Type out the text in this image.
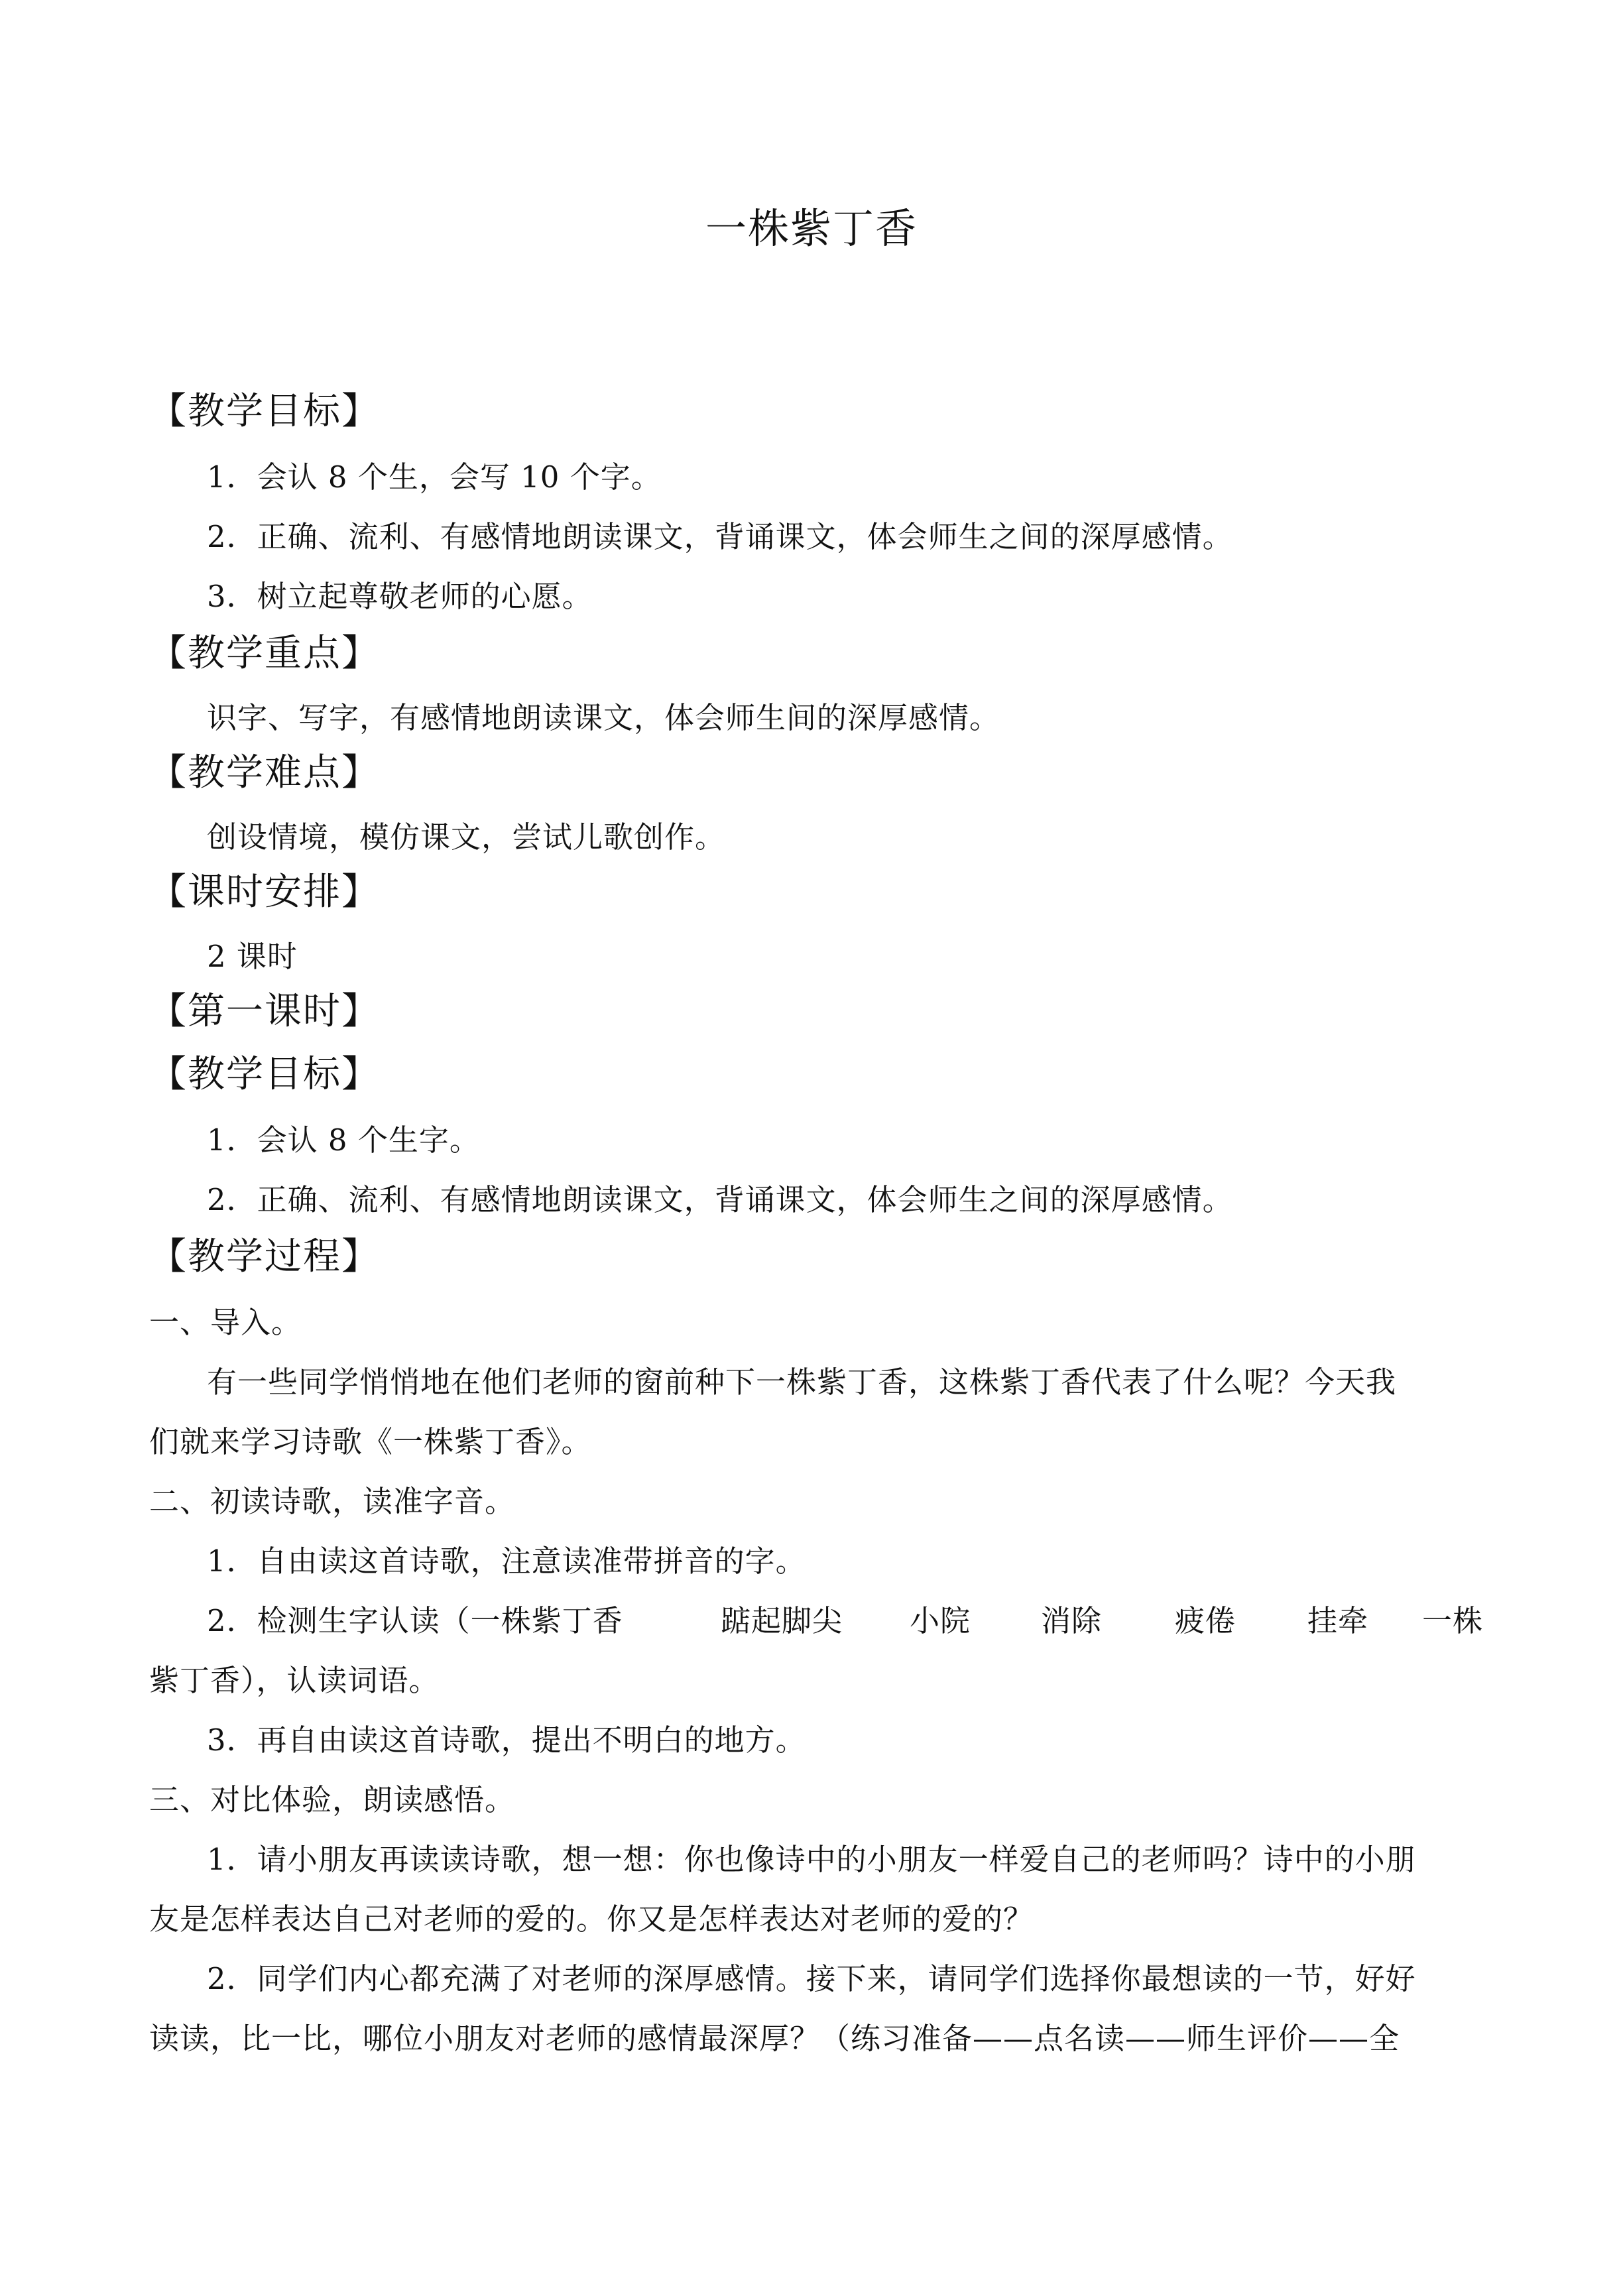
一株紫丁香
【教学目标】
1．会认 8 个生，会写 10 个字。
2．正确、流利、有感情地朗读课文，背诵课文，体会师生之间的深厚感情。
3．树立起尊敬老师的心愿。
【教学重点】
识字、写字，有感情地朗读课文，体会师生间的深厚感情。
【教学难点】
创设情境，模仿课文，尝试儿歌创作。
【课时安排】
2 课时
【第一课时】
【教学目标】
1．会认 8 个生字。
2．正确、流利、有感情地朗读课文，背诵课文，体会师生之间的深厚感情。
【教学过程】
一、导入。
有一些同学悄悄地在他们老师的窗前种下一株紫丁香，这株紫丁香代表了什么呢？今天我
们就来学习诗歌《一株紫丁香》。
二、初读诗歌，读准字音。
1．自由读这首诗歌，注意读准带拼音的字。
2．检测生字认读（一株紫丁香	踮起脚尖 小院 消除 疲倦 挂牵 一株
紫丁香），认读词语。
3．再自由读这首诗歌，提出不明白的地方。
三、对比体验，朗读感悟。
1．请小朋友再读读诗歌，想一想：你也像诗中的小朋友一样爱自己的老师吗？诗中的小朋
友是怎样表达自己对老师的爱的。你又是怎样表达对老师的爱的？
2．同学们内心都充满了对老师的深厚感情。接下来，请同学们选择你最想读的一节，好好
读读，比一比，哪位小朋友对老师的感情最深厚？（练习准备——点名读——师生评价——全
